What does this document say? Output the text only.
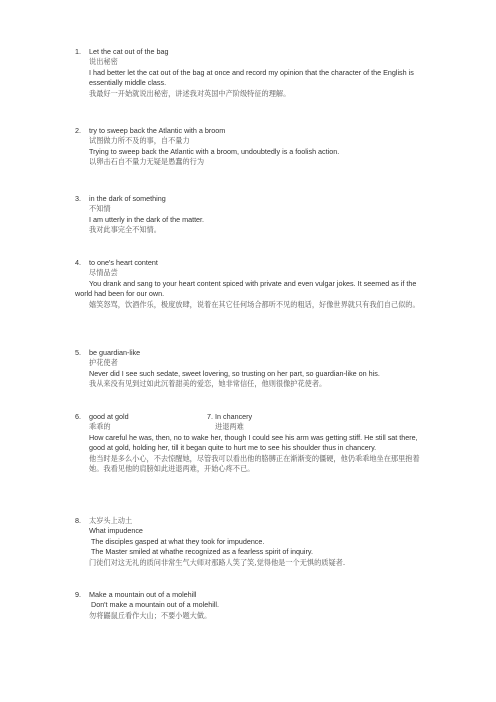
1. Let the cat out of the bag
说出秘密
I had better let the cat out of the bag at once and record my opinion that the character of the English is essentially middle class.
我最好一开始就说出秘密，讲述我对英国中产阶级特征的理解。
2. try to sweep back the Atlantic with a broom
试图做力所不及的事，自不量力
Trying to sweep back the Atlantic with a broom, undoubtedly is a foolish action.
以卵击石自不量力无疑是愚蠢的行为
3. in the dark of something
不知情
I am utterly in the dark of the matter.
我对此事完全不知情。
4. to one's heart content
尽情品尝
You drank and sang to your heart content spiced with private and even vulgar jokes. It seemed as if the world had been for our own.
嬉笑怒骂，饮酒作乐，极度放肆，说着在其它任何场合都听不见的粗话，好像世界就只有我们自己似的。
5. be guardian-like
护花使者
Never did I see such sedate, sweet lovering, so trusting on her part, so guardian-like on his.
我从来没有见到过如此沉着甜美的爱恋，她非常信任，他则很像护花使者。
6. good at gold	7. In chancery
乖乖的	进退两难
How careful he was, then, no to wake her, though I could see his arm was getting stiff. He still sat there, good at gold, holding her, till it began quite to hurt me to see his shoulder thus in chancery.
他当时是多么小心，不去惊醒她，尽管我可以看出他的胳膊正在渐渐变的僵硬，他仍乖乖地坐在那里抱着她。我看见他的肩膀如此进退两难，开始心疼不已。
8. 太岁头上动土
What impudence
The disciples gasped at what they took for impudence.
The Master smiled at whathe recognized as a fearless spirit of inquiry.
门徒们对这无礼的质问非常生气大师对那路人笑了笑,觉得他是一个无惧的质疑者.
9. Make a mountain out of a molehill
Don't make a mountain out of a molehill.
勿将鼹鼠丘看作大山；不要小题大做。
